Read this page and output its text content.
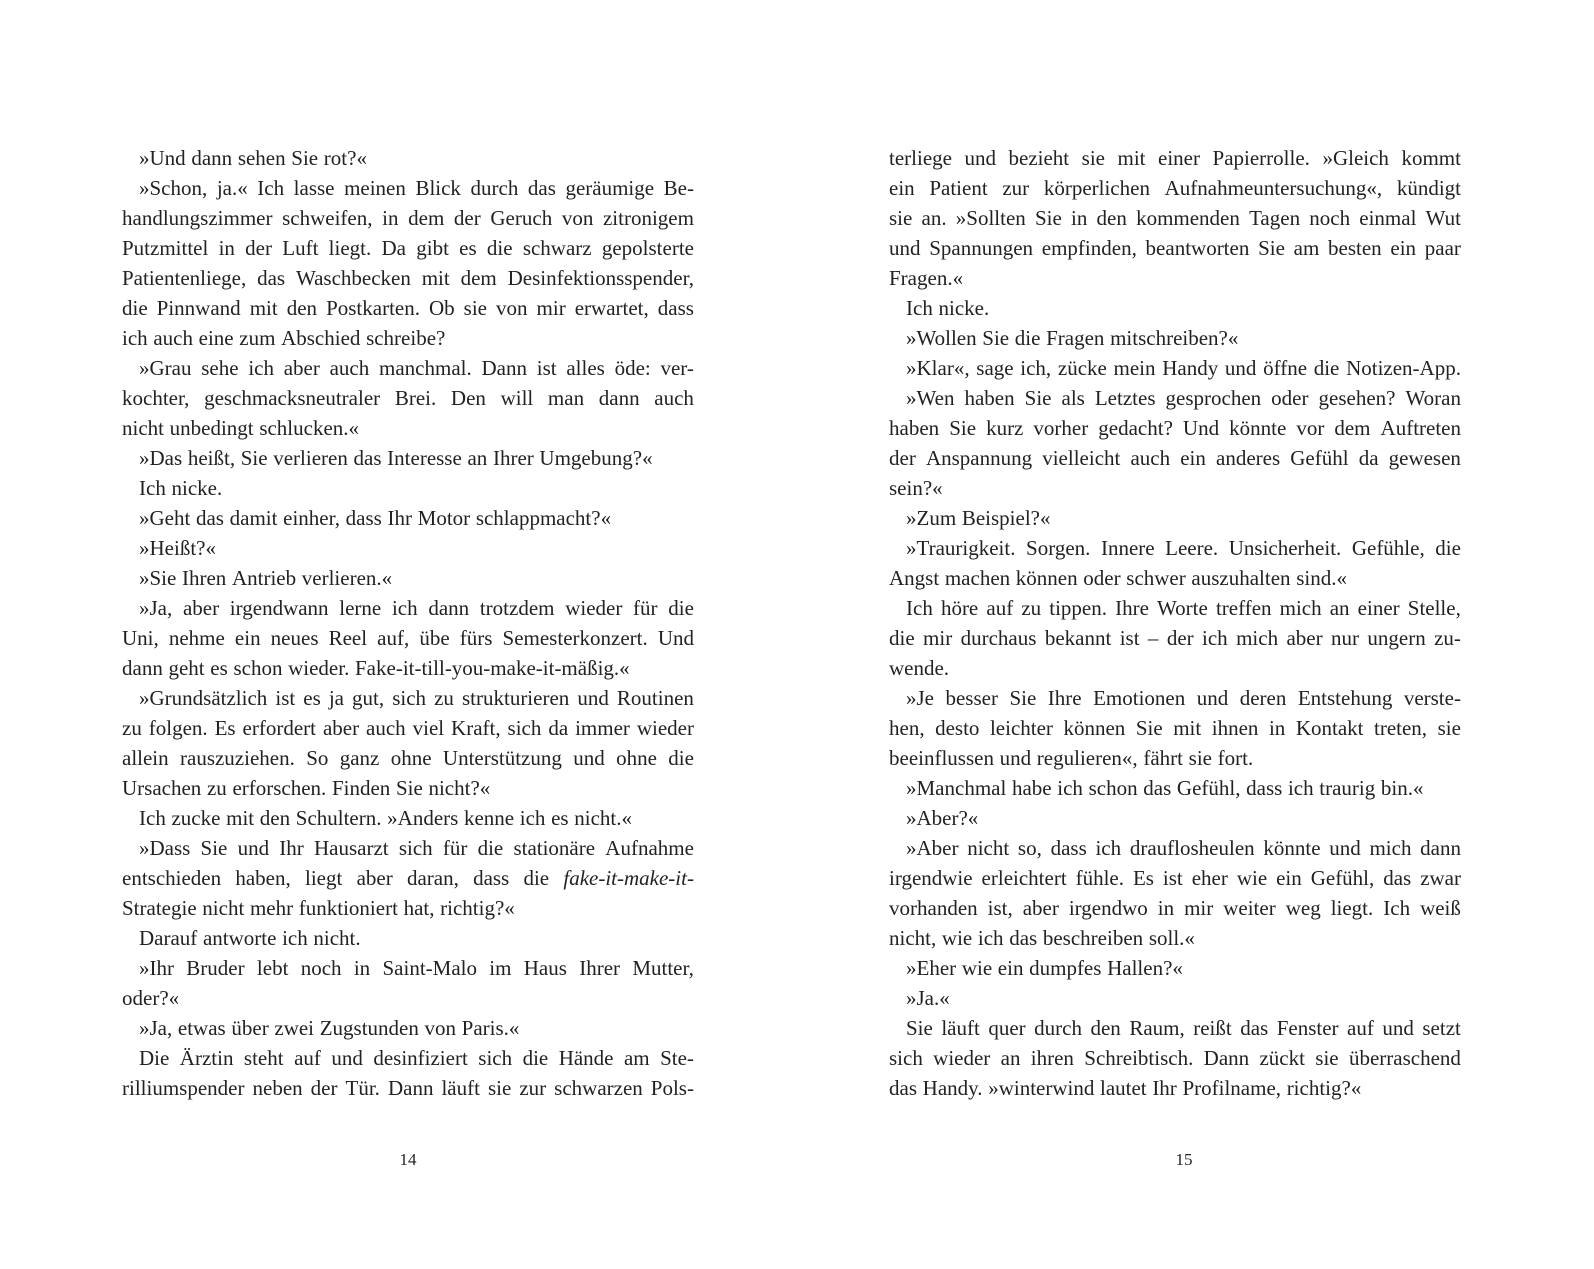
»Und dann sehen Sie rot?«
»Schon, ja.« Ich lasse meinen Blick durch das geräumige Be-
handlungszimmer schweifen, in dem der Geruch von zitronigem
Putzmittel in der Luft liegt. Da gibt es die schwarz gepolsterte
Patientenliege, das Waschbecken mit dem Desinfektionsspender,
die Pinnwand mit den Postkarten. Ob sie von mir erwartet, dass
ich auch eine zum Abschied schreibe?
»Grau sehe ich aber auch manchmal. Dann ist alles öde: ver-
kochter, geschmacksneutraler Brei. Den will man dann auch
nicht unbedingt schlucken.«
»Das heißt, Sie verlieren das Interesse an Ihrer Umgebung?«
Ich nicke.
»Geht das damit einher, dass Ihr Motor schlappmacht?«
»Heißt?«
»Sie Ihren Antrieb verlieren.«
»Ja, aber irgendwann lerne ich dann trotzdem wieder für die
Uni, nehme ein neues Reel auf, übe fürs Semesterkonzert. Und
dann geht es schon wieder. Fake-it-till-you-make-it-mäßig.«
»Grundsätzlich ist es ja gut, sich zu strukturieren und Routinen
zu folgen. Es erfordert aber auch viel Kraft, sich da immer wieder
allein rauszuziehen. So ganz ohne Unterstützung und ohne die
Ursachen zu erforschen. Finden Sie nicht?«
Ich zucke mit den Schultern. »Anders kenne ich es nicht.«
»Dass Sie und Ihr Hausarzt sich für die stationäre Aufnahme
entschieden haben, liegt aber daran, dass die fake-it-make-it-
Strategie nicht mehr funktioniert hat, richtig?«
Darauf antworte ich nicht.
»Ihr Bruder lebt noch in Saint-Malo im Haus Ihrer Mutter,
oder?«
»Ja, etwas über zwei Zugstunden von Paris.«
Die Ärztin steht auf und desinfiziert sich die Hände am Ste-
rilliumspender neben der Tür. Dann läuft sie zur schwarzen Pols-
terliege und bezieht sie mit einer Papierrolle. »Gleich kommt
ein Patient zur körperlichen Aufnahmeuntersuchung«, kündigt
sie an. »Sollten Sie in den kommenden Tagen noch einmal Wut
und Spannungen empfinden, beantworten Sie am besten ein paar
Fragen.«
Ich nicke.
»Wollen Sie die Fragen mitschreiben?«
»Klar«, sage ich, zücke mein Handy und öffne die Notizen-App.
»Wen haben Sie als Letztes gesprochen oder gesehen? Woran
haben Sie kurz vorher gedacht? Und könnte vor dem Auftreten
der Anspannung vielleicht auch ein anderes Gefühl da gewesen
sein?«
»Zum Beispiel?«
»Traurigkeit. Sorgen. Innere Leere. Unsicherheit. Gefühle, die
Angst machen können oder schwer auszuhalten sind.«
Ich höre auf zu tippen. Ihre Worte treffen mich an einer Stelle,
die mir durchaus bekannt ist – der ich mich aber nur ungern zu-
wende.
»Je besser Sie Ihre Emotionen und deren Entstehung verste-
hen, desto leichter können Sie mit ihnen in Kontakt treten, sie
beeinflussen und regulieren«, fährt sie fort.
»Manchmal habe ich schon das Gefühl, dass ich traurig bin.«
»Aber?«
»Aber nicht so, dass ich drauflosheulen könnte und mich dann
irgendwie erleichtert fühle. Es ist eher wie ein Gefühl, das zwar
vorhanden ist, aber irgendwo in mir weiter weg liegt. Ich weiß
nicht, wie ich das beschreiben soll.«
»Eher wie ein dumpfes Hallen?«
»Ja.«
Sie läuft quer durch den Raum, reißt das Fenster auf und setzt
sich wieder an ihren Schreibtisch. Dann zückt sie überraschend
das Handy. »winterwind lautet Ihr Profilname, richtig?«
14	15
